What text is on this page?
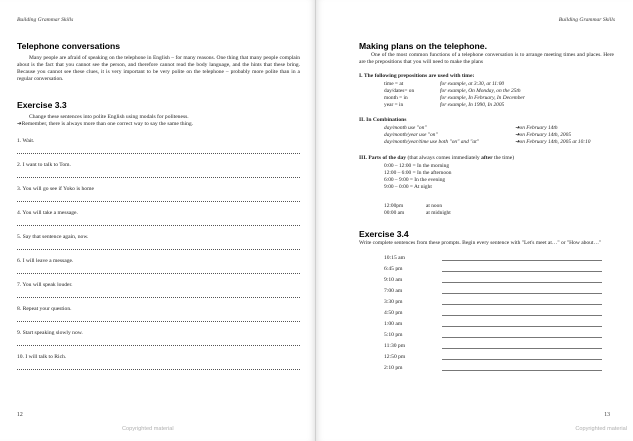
Building Grammar Skills
Telephone conversations

Many people are afraid of speaking on the telephone in English – for many reasons. One thing that many people complain about is the fact that you cannot see the person, and therefore cannot read the body language, and the hints that these bring. Because you cannot see these clues, it is very important to be very polite on the telephone – probably more polite than in a regular conversation.

Exercise 3.3
Change these sentences into polite English using modals for politeness.
➔Remember, there is always more than one correct way to say the same thing.
1. Wait.
2. I want to talk to Tom.
3. You will go see if Yoko is home
4. You will take a message.
5. Say that sentence again, now.
6. I will leave a message.
7. You will speak louder.
8. Repeat your question.
9. Start speaking slowly now.
10. I will talk to Rich.
12
Copyrighted material
Building Grammar Skills
Making plans on the telephone.

One of the most common functions of a telephone conversation is to arrange meeting times and places. Here are the prepositions that you will need to make the plans

I. The following prepositions are used with time:
time = at	for example, at 3:30, at 11:00
day/dates= on	for example, On Monday, on the 25th
month = in	for example, In February, In December
year = in	for example, In 1990, In 2005
II. In Combinations
day/month use "on"	➔on February 14th
day/month/year use "on"	➔on February 14th, 2005
day/month/year/time use both "on" and "at"	➔on February 14th, 2005 at 10:10
III. Parts of the day (that always comes immediately after the time)
0:00 – 12:00 = In the morning
12:00 – 6:00 = In the afternoon
6:00 – 9:00 = In the evening
9:00 – 0:00 = At night
12:00pm	at noon
00:00 am	at midnight
Exercise 3.4
Write complete sentences from these prompts. Begin every sentence with "Let's meet at…" or "How about…"
10:15 am
6:45 pm
9:10 am
7:00 am
3:30 pm
4:50 pm
1:00 am
5:10 pm
11:30 pm
12:50 pm
2:10 pm
13
Copyrighted material
